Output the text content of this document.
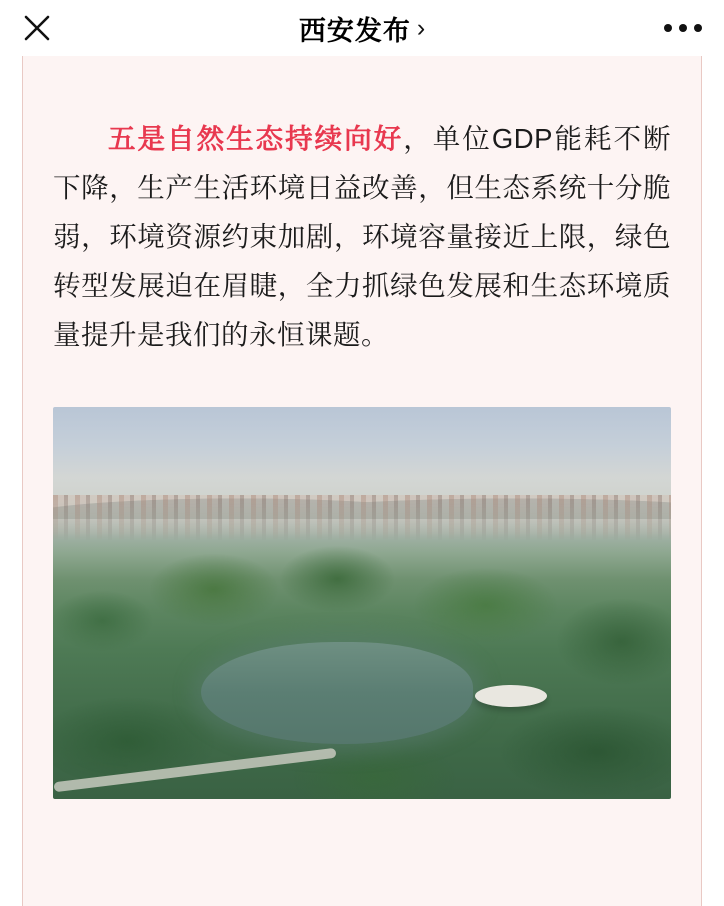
西安发布 ›

五是自然生态持续向好，单位GDP能耗不断下降，生产生活环境日益改善，但生态系统十分脆弱，环境资源约束加剧，环境容量接近上限，绿色转型发展迫在眉睫，全力抓绿色发展和生态环境质量提升是我们的永恒课题。
